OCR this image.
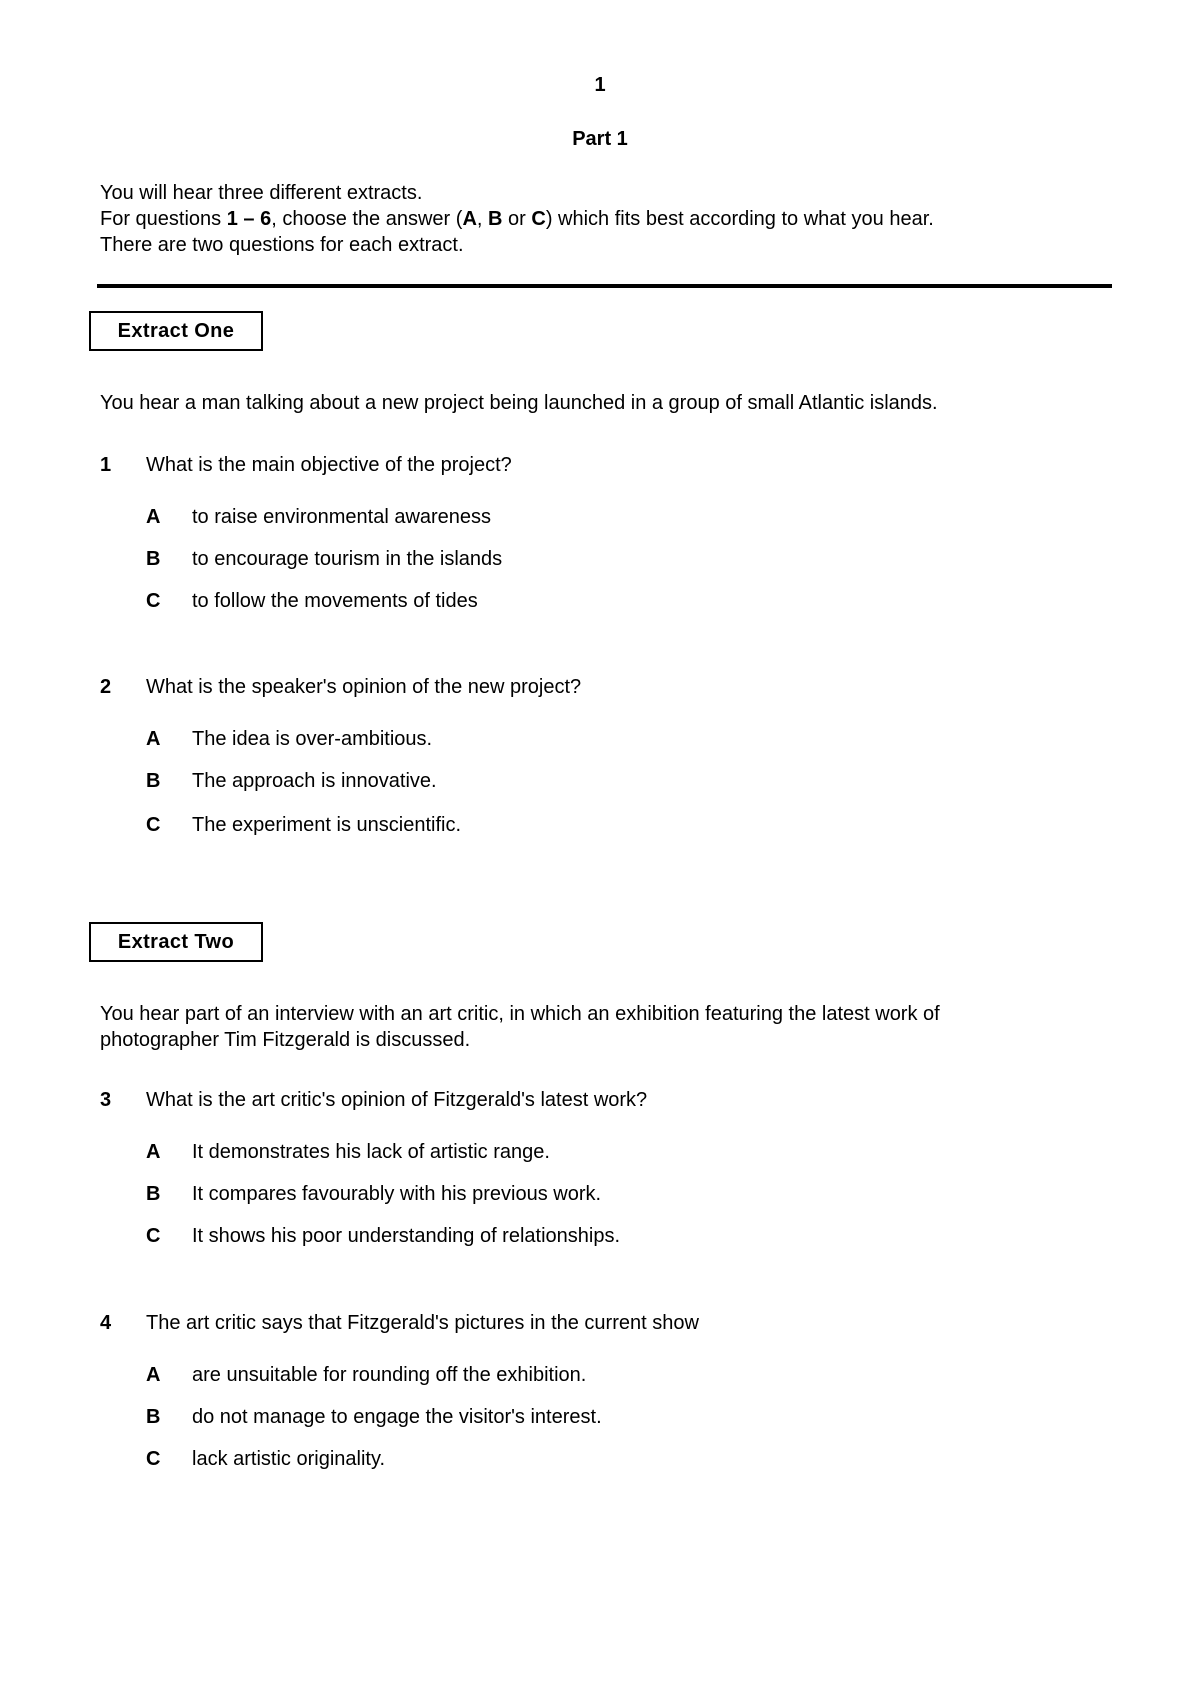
1
Part 1
You will hear three different extracts.
For questions 1 – 6, choose the answer (A, B or C) which fits best according to what you hear.
There are two questions for each extract.
Extract One
You hear a man talking about a new project being launched in a group of small Atlantic islands.
1 What is the main objective of the project?
A to raise environmental awareness
B to encourage tourism in the islands
C to follow the movements of tides
2 What is the speaker's opinion of the new project?
A The idea is over-ambitious.
B The approach is innovative.
C The experiment is unscientific.
Extract Two
You hear part of an interview with an art critic, in which an exhibition featuring the latest work of
photographer Tim Fitzgerald is discussed.
3 What is the art critic's opinion of Fitzgerald's latest work?
A It demonstrates his lack of artistic range.
B It compares favourably with his previous work.
C It shows his poor understanding of relationships.
4 The art critic says that Fitzgerald's pictures in the current show
A are unsuitable for rounding off the exhibition.
B do not manage to engage the visitor's interest.
C lack artistic originality.
